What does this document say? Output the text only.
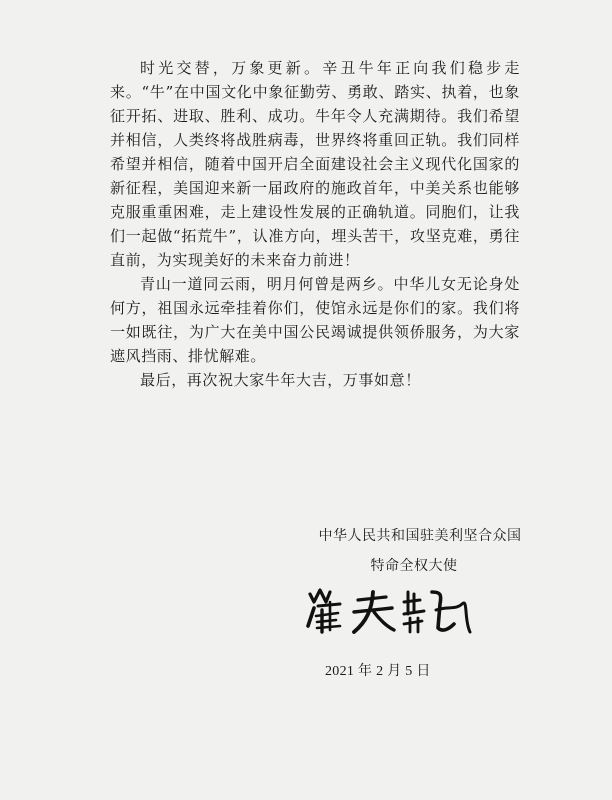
时光交替，万象更新。辛丑牛年正向我们稳步走来。“牛”在中国文化中象征勤劳、勇敢、踏实、执着，也象征开拓、进取、胜利、成功。牛年令人充满期待。我们希望并相信，人类终将战胜病毒，世界终将重回正轨。我们同样希望并相信，随着中国开启全面建设社会主义现代化国家的新征程，美国迎来新一届政府的施政首年，中美关系也能够克服重重困难，走上建设性发展的正确轨道。同胞们，让我们一起做“拓荒牛”，认准方向，埋头苦干，攻坚克难，勇往直前，为实现美好的未来奋力前进！

青山一道同云雨，明月何曾是两乡。中华儿女无论身处何方，祖国永远牵挂着你们，使馆永远是你们的家。我们将一如既往，为广大在美中国公民竭诚提供领侨服务，为大家遮风挡雨、排忧解难。

最后，再次祝大家牛年大吉，万事如意！

中华人民共和国驻美利坚合众国
特命全权大使
2021 年 2 月 5 日
